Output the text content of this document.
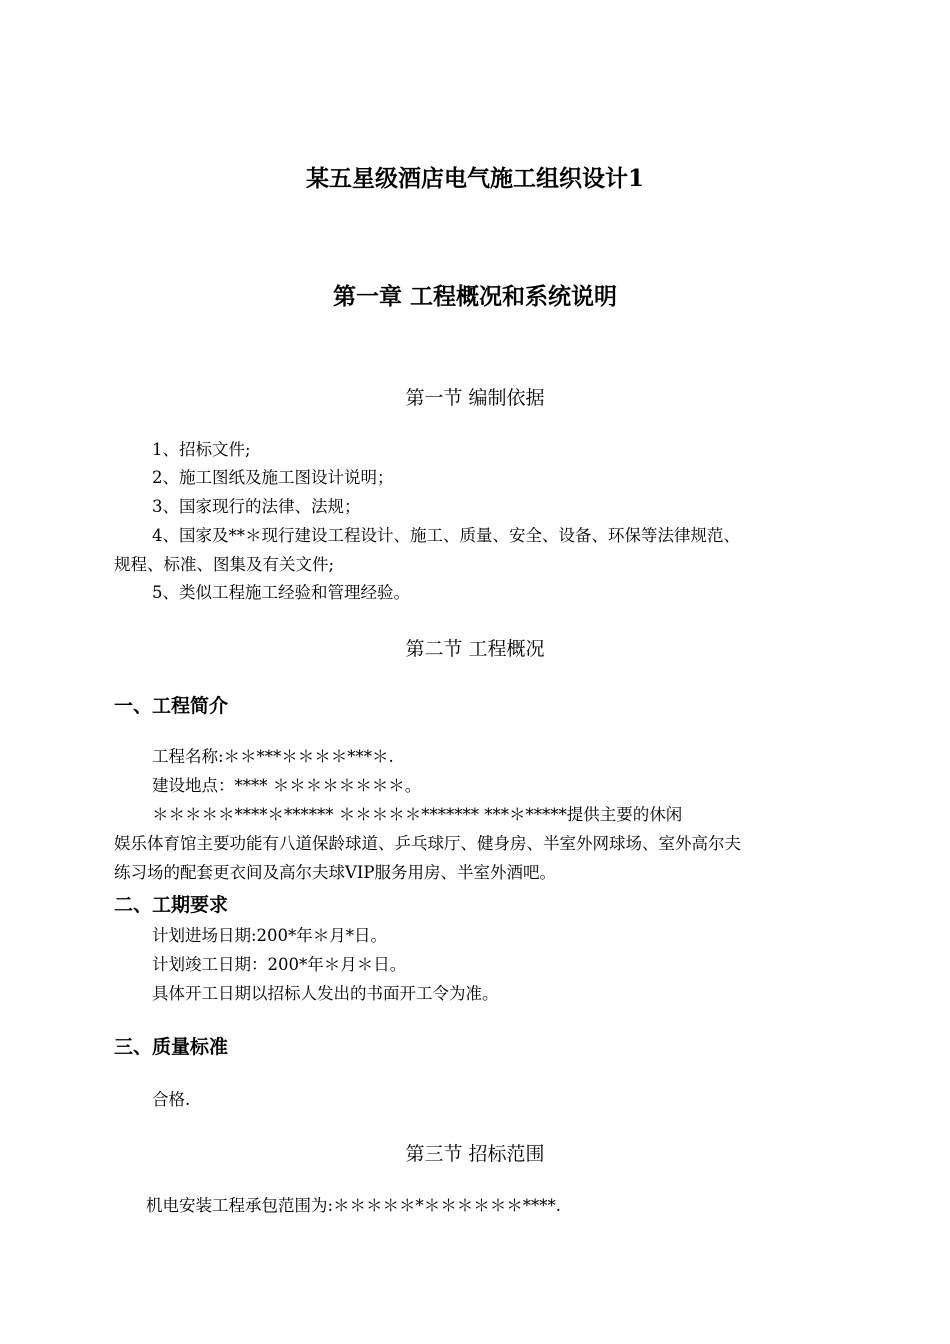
某五星级酒店电气施工组织设计1
第一章 工程概况和系统说明
第一节 编制依据
1、招标文件;
2、施工图纸及施工图设计说明；
3、国家现行的法律、法规；
4、国家及**＊现行建设工程设计、施工、质量、安全、设备、环保等法律规范、
规程、标准、图集及有关文件;
5、类似工程施工经验和管理经验。
第二节 工程概况
一、工程简介
工程名称:＊＊***＊＊＊＊***＊.
建设地点：**** ＊＊＊＊＊＊＊＊。
＊＊＊＊＊****＊****** ＊＊＊＊＊******* ***＊*****提供主要的休闲
娱乐体育馆主要功能有八道保龄球道、乒乓球厅、健身房、半室外网球场、室外高尔夫
练习场的配套更衣间及高尔夫球VIP服务用房、半室外酒吧。
二、工期要求
计划进场日期:200*年＊月*日。
计划竣工日期：200*年＊月＊日。
具体开工日期以招标人发出的书面开工令为准。
三、质量标准
合格.
第三节 招标范围
机电安装工程承包范围为:＊＊＊＊＊*＊＊＊＊＊＊****.
